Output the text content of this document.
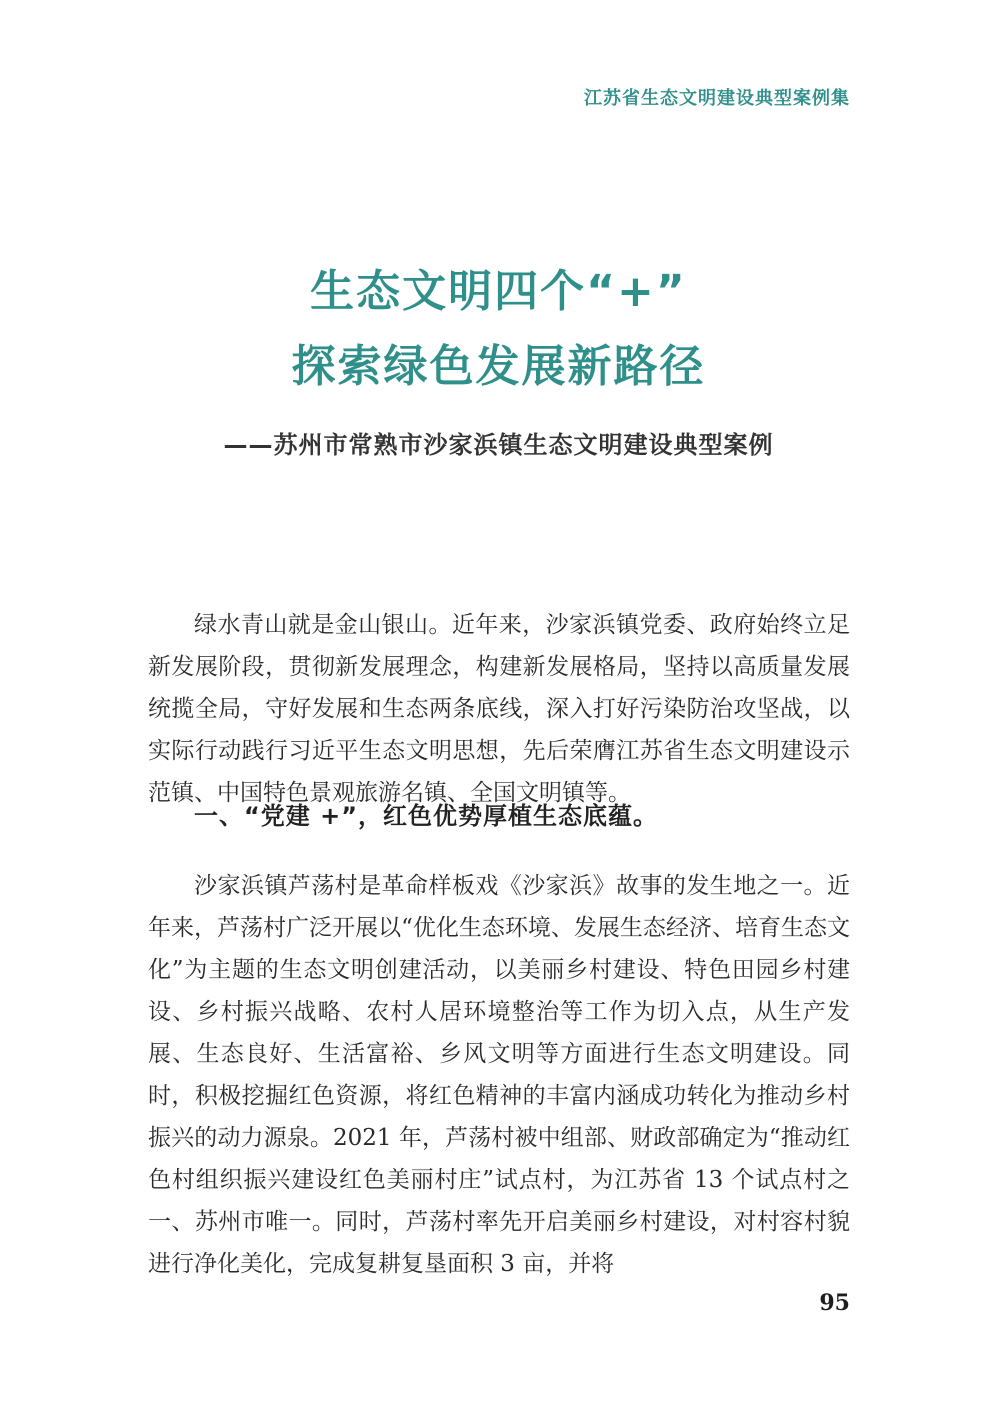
江苏省生态文明建设典型案例集
生态文明四个“+”
探索绿色发展新路径
——苏州市常熟市沙家浜镇生态文明建设典型案例

绿水青山就是金山银山。近年来，沙家浜镇党委、政府始终立足新发展阶段，贯彻新发展理念，构建新发展格局，坚持以高质量发展统揽全局，守好发展和生态两条底线，深入打好污染防治攻坚战，以实际行动践行习近平生态文明思想，先后荣膺江苏省生态文明建设示范镇、中国特色景观旅游名镇、全国文明镇等。

一、“党建 +”，红色优势厚植生态底蕴。

沙家浜镇芦荡村是革命样板戏《沙家浜》故事的发生地之一。近年来，芦荡村广泛开展以“优化生态环境、发展生态经济、培育生态文化”为主题的生态文明创建活动，以美丽乡村建设、特色田园乡村建设、乡村振兴战略、农村人居环境整治等工作为切入点，从生产发展、生态良好、生活富裕、乡风文明等方面进行生态文明建设。同时，积极挖掘红色资源，将红色精神的丰富内涵成功转化为推动乡村振兴的动力源泉。2021 年，芦荡村被中组部、财政部确定为“推动红色村组织振兴建设红色美丽村庄”试点村，为江苏省 13 个试点村之一、苏州市唯一。同时，芦荡村率先开启美丽乡村建设，对村容村貌进行净化美化，完成复耕复垦面积 3 亩，并将

95
